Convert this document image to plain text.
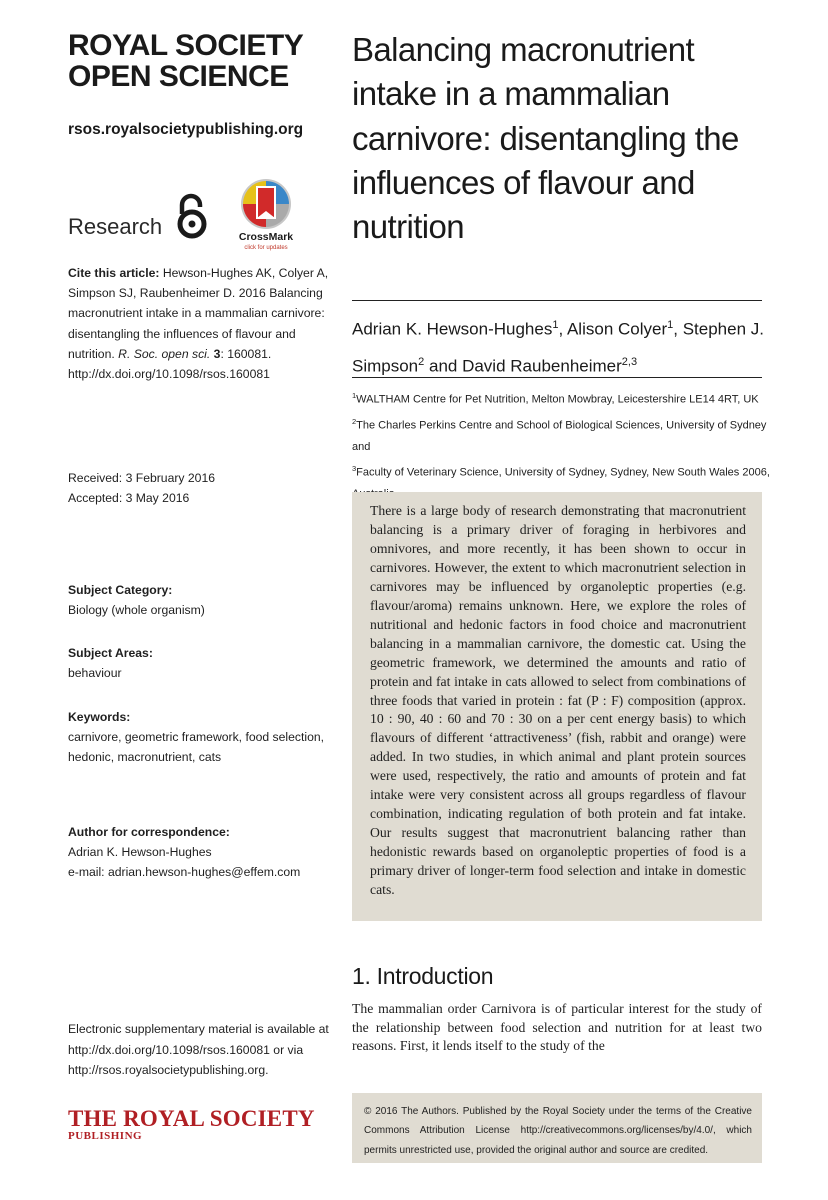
ROYAL SOCIETY
OPEN SCIENCE
rsos.royalsocietypublishing.org
Research	CrossMark
click for updates
Cite this article: Hewson-Hughes AK, Colyer A, Simpson SJ, Raubenheimer D. 2016 Balancing macronutrient intake in a mammalian carnivore: disentangling the influences of flavour and nutrition. R. Soc. open sci. 3: 160081. http://dx.doi.org/10.1098/rsos.160081
Received: 3 February 2016
Accepted: 3 May 2016
Subject Category:
Biology (whole organism)
Subject Areas:
behaviour
Keywords:
carnivore, geometric framework, food selection, hedonic, macronutrient, cats
Author for correspondence:
Adrian K. Hewson-Hughes
e-mail: adrian.hewson-hughes@effem.com
Electronic supplementary material is available at http://dx.doi.org/10.1098/rsos.160081 or via http://rsos.royalsocietypublishing.org.
THE ROYAL SOCIETY
PUBLISHING
Balancing macronutrient intake in a mammalian carnivore: disentangling the influences of flavour and nutrition
Adrian K. Hewson-Hughes$^1$, Alison Colyer$^1$, Stephen J. Simpson$^2$ and David Raubenheimer$^{2,3}$
$^1$WALTHAM Centre for Pet Nutrition, Melton Mowbray, Leicestershire LE14 4RT, UK
$^2$The Charles Perkins Centre and School of Biological Sciences, University of Sydney and
$^3$Faculty of Veterinary Science, University of Sydney, Sydney, New South Wales 2006,

There is a large body of research demonstrating that macronutrient balancing is a primary driver of foraging in herbivores and omnivores, and more recently, it has been shown to occur in carnivores. However, the extent to which macronutrient selection in carnivores may be influenced by organoleptic properties (e.g. flavour/aroma) remains unknown. Here, we explore the roles of nutritional and hedonic factors in food choice and macronutrient balancing in a mammalian carnivore, the domestic cat. Using the geometric framework, we determined the amounts and ratio of protein and fat intake in cats allowed to select from combinations of three foods that varied in protein : fat (P : F) composition (approx. 10 : 90, 40 : 60 and 70 : 30 on a per cent energy basis) to which flavours of different ‘attractiveness’ (fish, rabbit and orange) were added. In two studies, in which animal and plant protein sources were used, respectively, the ratio and amounts of protein and fat intake were very consistent across all groups regardless of flavour combination, indicating regulation of both protein and fat intake. Our results suggest that macronutrient balancing rather than hedonistic rewards based on organoleptic properties of food is a primary driver of longer-term food selection and intake in domestic cats.

1. Introduction

The mammalian order Carnivora is of particular interest for the study of the relationship between food selection and nutrition for at least two reasons. First, it lends itself to the study of the

© 2016 The Authors. Published by the Royal Society under the terms of the Creative Commons Attribution License http://creativecommons.org/licenses/by/4.0/, which permits unrestricted use, provided the original author and source are credited.
